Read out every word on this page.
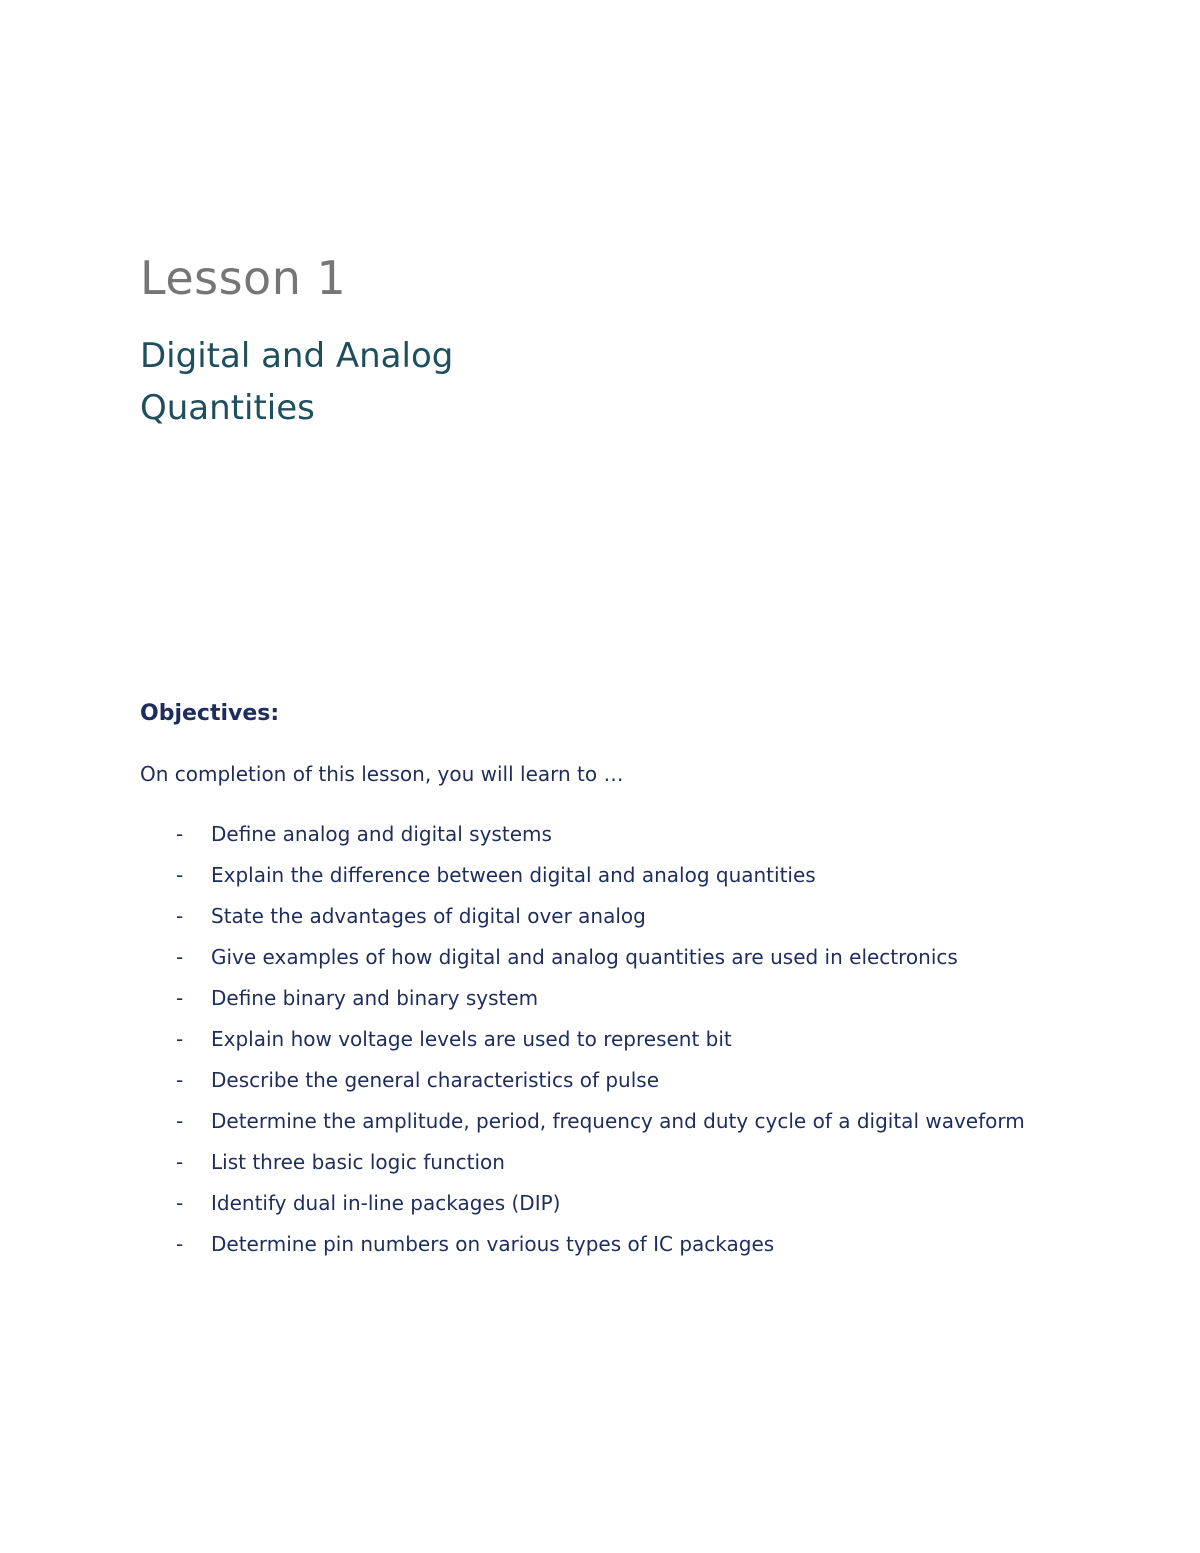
Lesson 1
Digital and Analog
Quantities
Objectives:
On completion of this lesson, you will learn to …
- Define analog and digital systems
- Explain the difference between digital and analog quantities
- State the advantages of digital over analog
- Give examples of how digital and analog quantities are used in electronics
- Define binary and binary system
- Explain how voltage levels are used to represent bit
- Describe the general characteristics of pulse
- Determine the amplitude, period, frequency and duty cycle of a digital waveform
- List three basic logic function
- Identify dual in-line packages (DIP)
- Determine pin numbers on various types of IC packages
